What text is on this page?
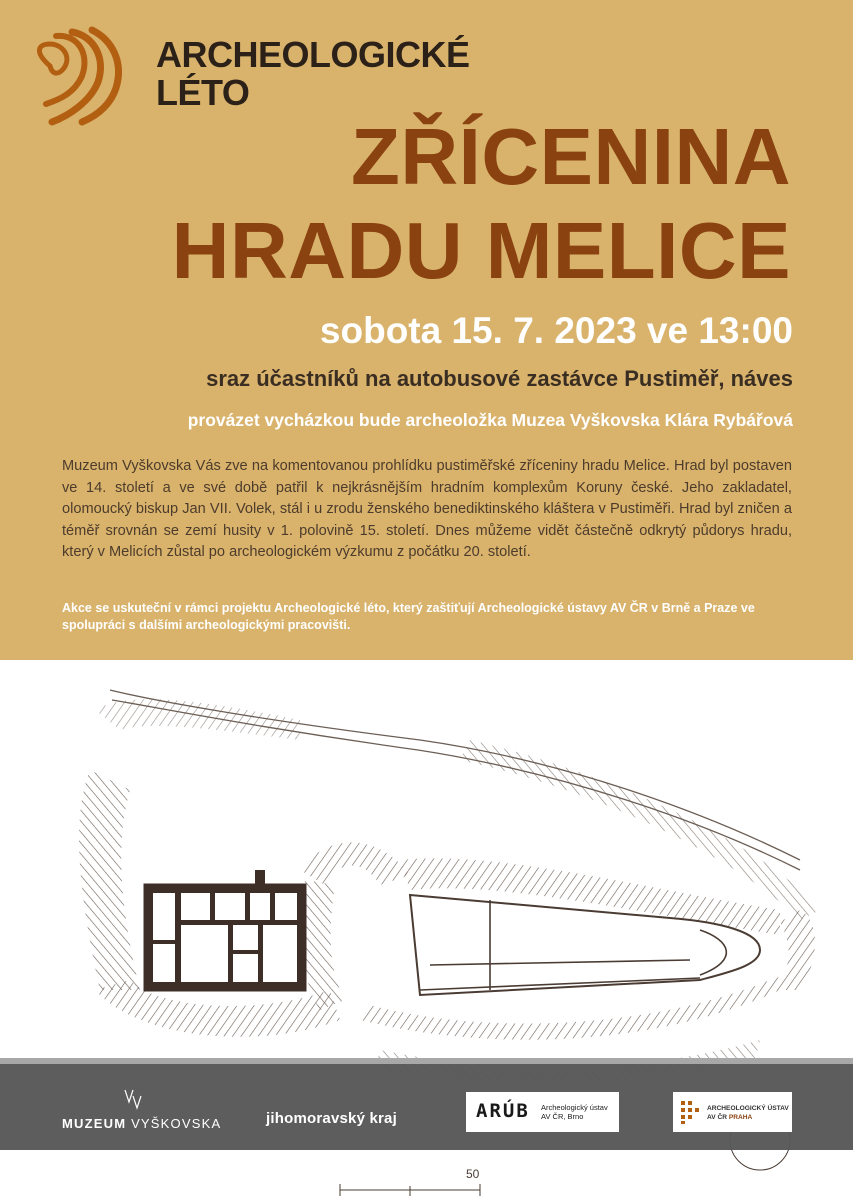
ARCHEOLOGICKÉ
LÉTO
ZŘÍCENINA
HRADU MELICE
sobota 15. 7. 2023 ve 13:00
sraz účastníků na autobusové zastávce Pustiměř, náves
provázet vycházkou bude archeoložka Muzea Vyškovska Klára Rybářová
Muzeum Vyškovska Vás zve na komentovanou prohlídku pustiměřské zříceniny hradu Melice. Hrad byl postaven ve 14. století a ve své době patřil k nejkrásnějším hradním komplexům Koruny české. Jeho zakladatel, olomoucký biskup Jan VII. Volek, stál i u zrodu ženského benediktinského kláštera v Pustiměři. Hrad byl zničen a téměř srovnán se zemí husity v 1. polovině 15. století. Dnes můžeme vidět částečně odkrytý půdorys hradu, který v Melicích zůstal po archeologickém výzkumu z počátku 20. století.
Akce se uskuteční v rámci projektu Archeologické léto, který zaštiťují Archeologické ústavy AV ČR v Brně a Praze ve spolupráci s dalšími archeologickými pracovišti.
50
MUZEUM VYŠKOVSKA	jihomoravský kraj	ARÚB Archeologický ústav
AV ČR, Brno
ARCHEOLOGICKÝ ÚSTAV
AV ČR PRAHA
